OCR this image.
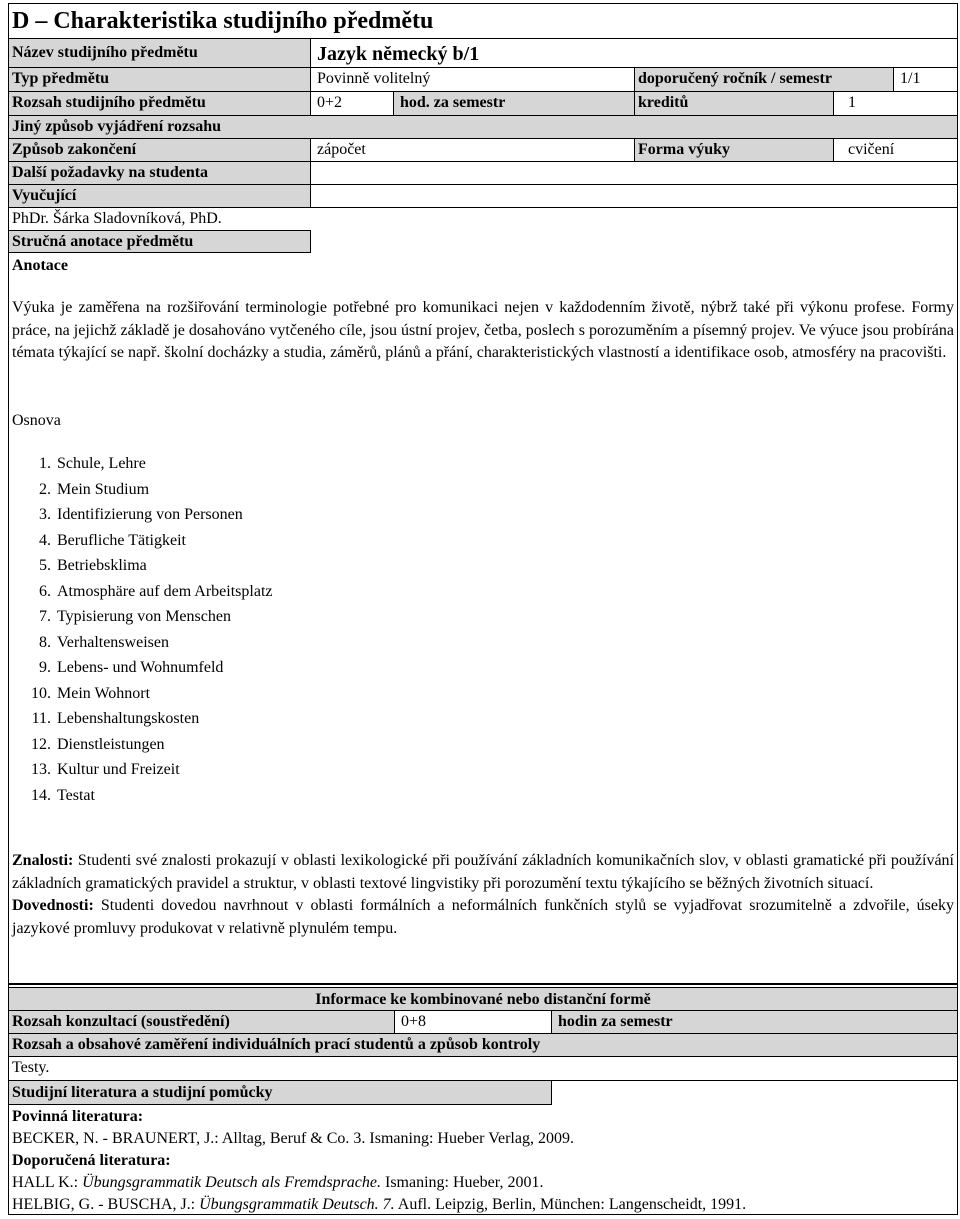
D – Charakteristika studijního předmětu
Název studijního předmětu	Jazyk německý b/1
Typ předmětu	Povinně volitelný	doporučený ročník / semestr	1/1
Rozsah studijního předmětu	0+2	hod. za semestr	kreditů	1
Jiný způsob vyjádření rozsahu
Způsob zakončení	zápočet	Forma výuky	cvičení
Další požadavky na studenta
Vyučující
PhDr. Šárka Sladovníková, PhD.
Stručná anotace předmětu
Anotace
Výuka je zaměřena na rozšiřování terminologie potřebné pro komunikaci nejen v každodenním životě, nýbrž také při výkonu profese. Formy práce, na jejichž základě je dosahováno vytčeného cíle, jsou ústní projev, četba, poslech s porozuměním a písemný projev. Ve výuce jsou probírána témata týkající se např. školní docházky a studia, záměrů, plánů a přání, charakteristických vlastností a identifikace osob, atmosféry na pracovišti.
Osnova
1. Schule, Lehre
2. Mein Studium
3. Identifizierung von Personen
4. Berufliche Tätigkeit
5. Betriebsklima
6. Atmosphäre auf dem Arbeitsplatz
7. Typisierung von Menschen
8. Verhaltensweisen
9. Lebens- und Wohnumfeld
10. Mein Wohnort
11. Lebenshaltungskosten
12. Dienstleistungen
13. Kultur und Freizeit
14. Testat
Znalosti: Studenti své znalosti prokazují v oblasti lexikologické při používání základních komunikačních slov, v oblasti gramatické při používání základních gramatických pravidel a struktur, v oblasti textové lingvistiky při porozumění textu týkajícího se běžných životních situací.
Dovednosti: Studenti dovedou navrhnout v oblasti formálních a neformálních funkčních stylů se vyjadřovat srozumitelně a zdvořile, úseky jazykové promluvy produkovat v relativně plynulém tempu.
Informace ke kombinované nebo distanční formě
Rozsah konzultací (soustředění)	0+8	hodin za semestr
Rozsah a obsahové zaměření individuálních prací studentů a způsob kontroly
Testy.
Studijní literatura a studijní pomůcky
Povinná literatura:
BECKER, N. - BRAUNERT, J.: Alltag, Beruf & Co. 3. Ismaning: Hueber Verlag, 2009.
Doporučená literatura:
HALL K.: Übungsgrammatik Deutsch als Fremdsprache. Ismaning: Hueber, 2001.
HELBIG, G. - BUSCHA, J.: Übungsgrammatik Deutsch. 7. Aufl. Leipzig, Berlin, München: Langenscheidt, 1991.
